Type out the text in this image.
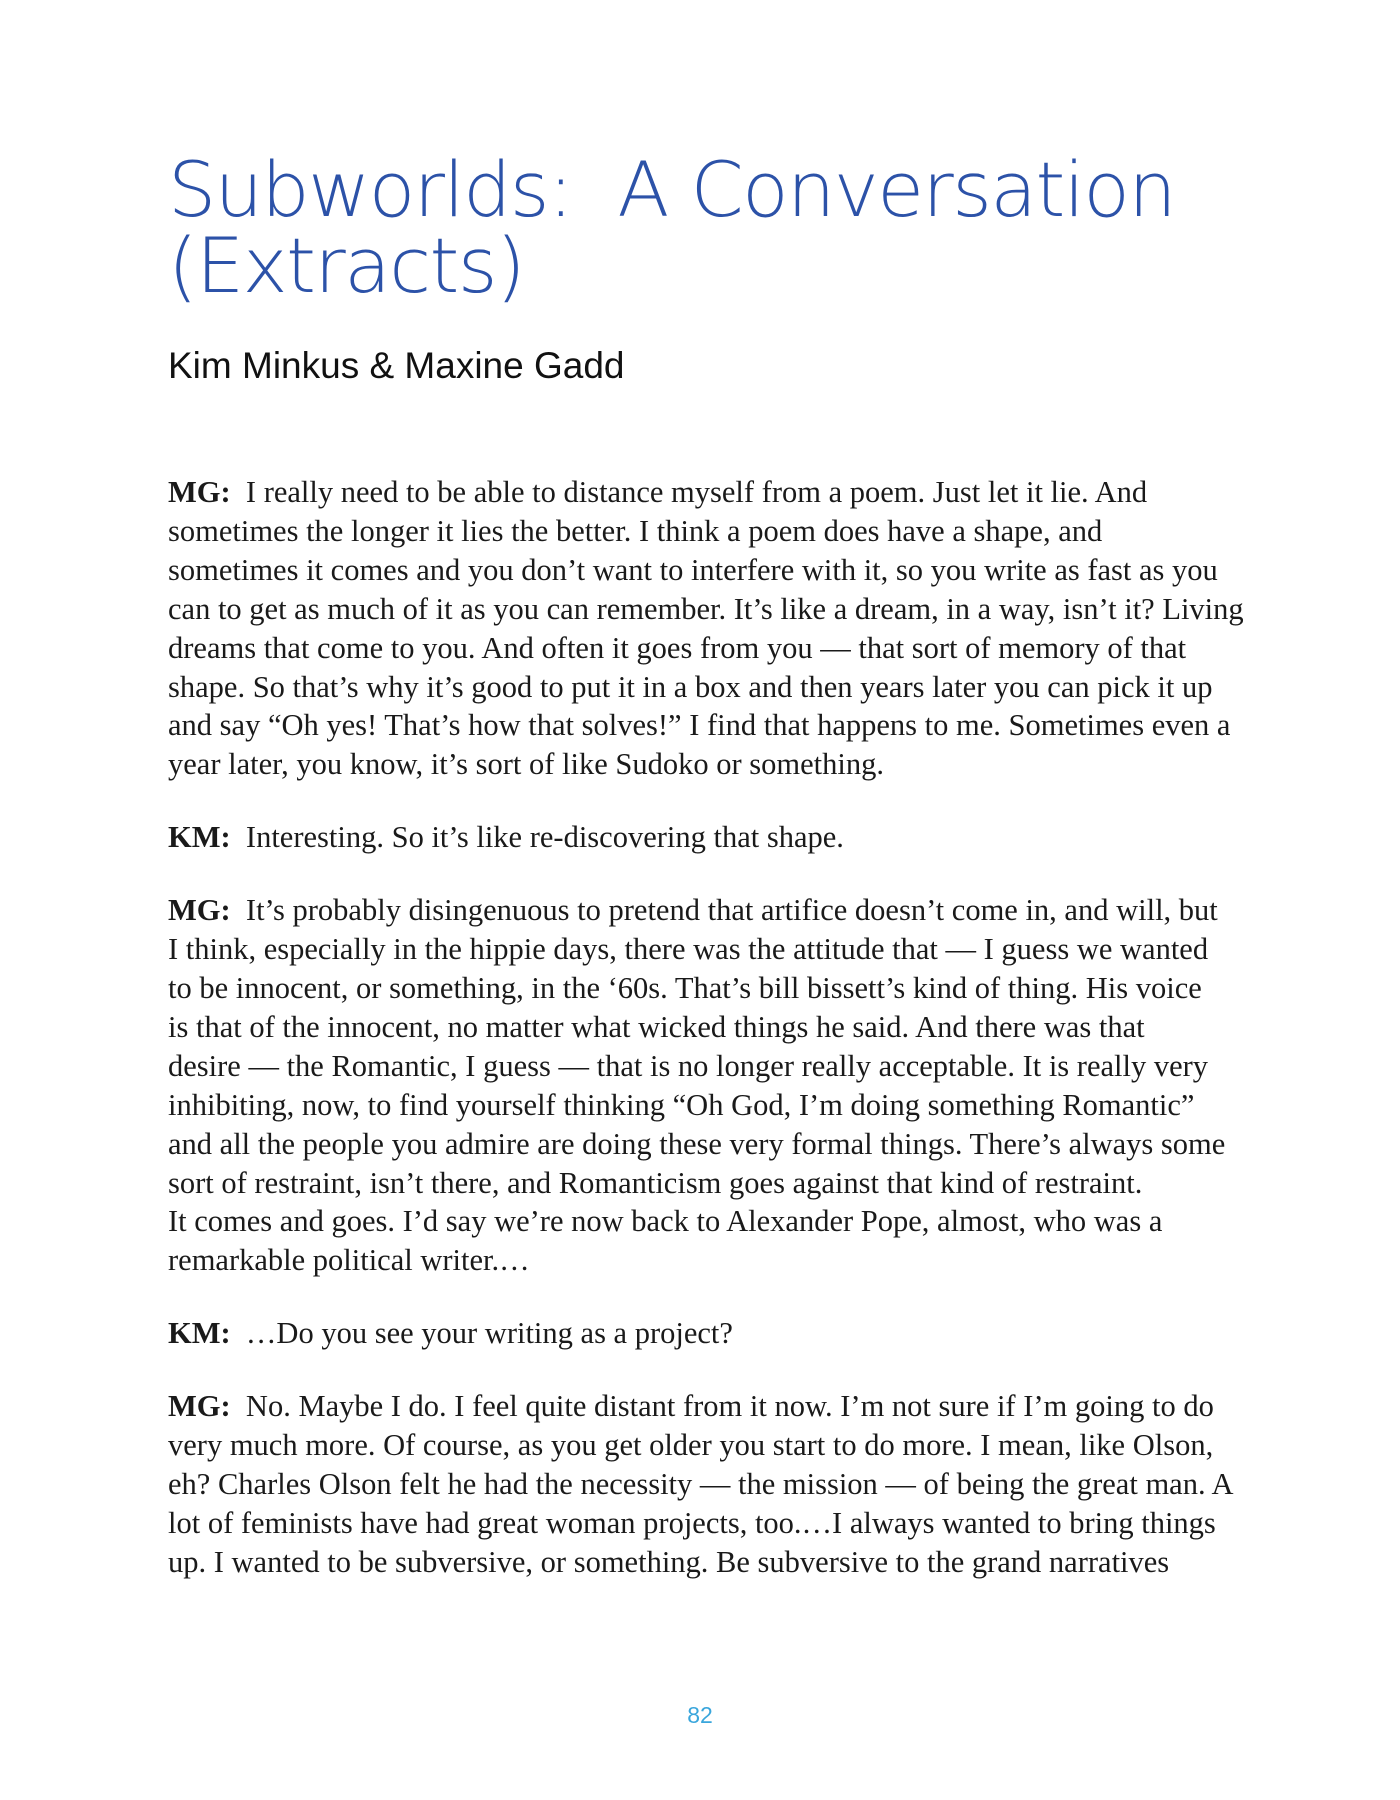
Subworlds:  A Conversation
(Extracts)
Kim Minkus & Maxine Gadd

MG:  I really need to be able to distance myself from a poem. Just let it lie. And
sometimes the longer it lies the better. I think a poem does have a shape, and
sometimes it comes and you don’t want to interfere with it, so you write as fast as you
can to get as much of it as you can remember. It’s like a dream, in a way, isn’t it? Living
dreams that come to you. And often it goes from you — that sort of memory of that
shape. So that’s why it’s good to put it in a box and then years later you can pick it up
and say “Oh yes! That’s how that solves!” I find that happens to me. Sometimes even a
year later, you know, it’s sort of like Sudoko or something.

KM:  Interesting. So it’s like re-discovering that shape.

MG:  It’s probably disingenuous to pretend that artifice doesn’t come in, and will, but
I think, especially in the hippie days, there was the attitude that — I guess we wanted
to be innocent, or something, in the ‘60s. That’s bill bissett’s kind of thing. His voice
is that of the innocent, no matter what wicked things he said. And there was that
desire — the Romantic, I guess — that is no longer really acceptable. It is really very
inhibiting, now, to find yourself thinking “Oh God, I’m doing something Romantic”
and all the people you admire are doing these very formal things. There’s always some
sort of restraint, isn’t there, and Romanticism goes against that kind of restraint.
It comes and goes. I’d say we’re now back to Alexander Pope, almost, who was a
remarkable political writer.…

KM:  …Do you see your writing as a project?

MG:  No. Maybe I do. I feel quite distant from it now. I’m not sure if I’m going to do
very much more. Of course, as you get older you start to do more. I mean, like Olson,
eh? Charles Olson felt he had the necessity — the mission — of being the great man. A
lot of feminists have had great woman projects, too.…I always wanted to bring things
up. I wanted to be subversive, or something. Be subversive to the grand narratives

82
